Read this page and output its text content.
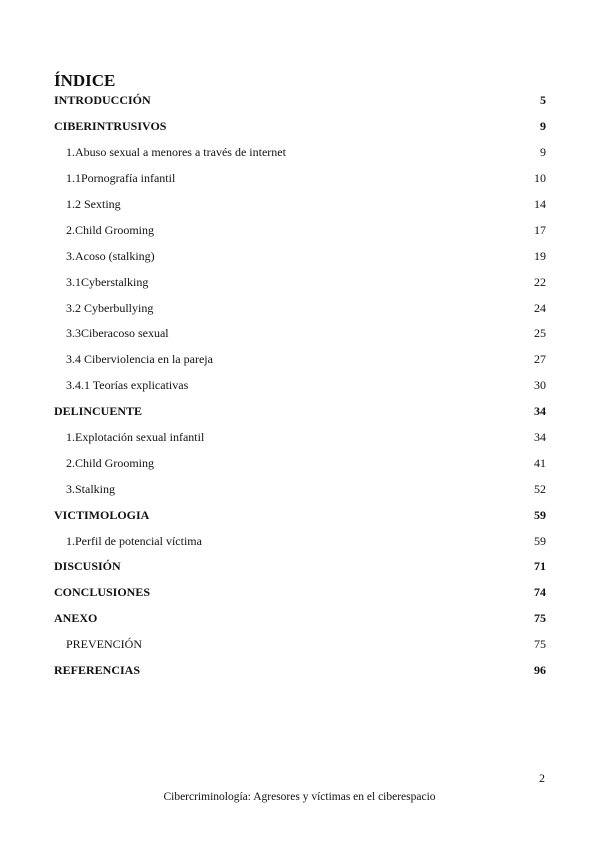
ÍNDICE
INTRODUCCIÓN	5
CIBERINTRUSIVOS	9
1.Abuso sexual a menores a través de internet	9
1.1Pornografía infantil	10
1.2 Sexting	14
2.Child Grooming	17
3.Acoso (stalking)	19
3.1Cyberstalking	22
3.2 Cyberbullying	24
3.3Ciberacoso sexual	25
3.4 Ciberviolencia en la pareja	27
3.4.1 Teorías explicativas	30
DELINCUENTE	34
1.Explotación sexual infantil	34
2.Child Grooming	41
3.Stalking	52
VICTIMOLOGIA	59
1.Perfil de potencial víctima	59
DISCUSIÓN	71
CONCLUSIONES	74
ANEXO	75
PREVENCIÓN	75
REFERENCIAS	96
2
Cibercriminología: Agresores y víctimas en el ciberespacio
